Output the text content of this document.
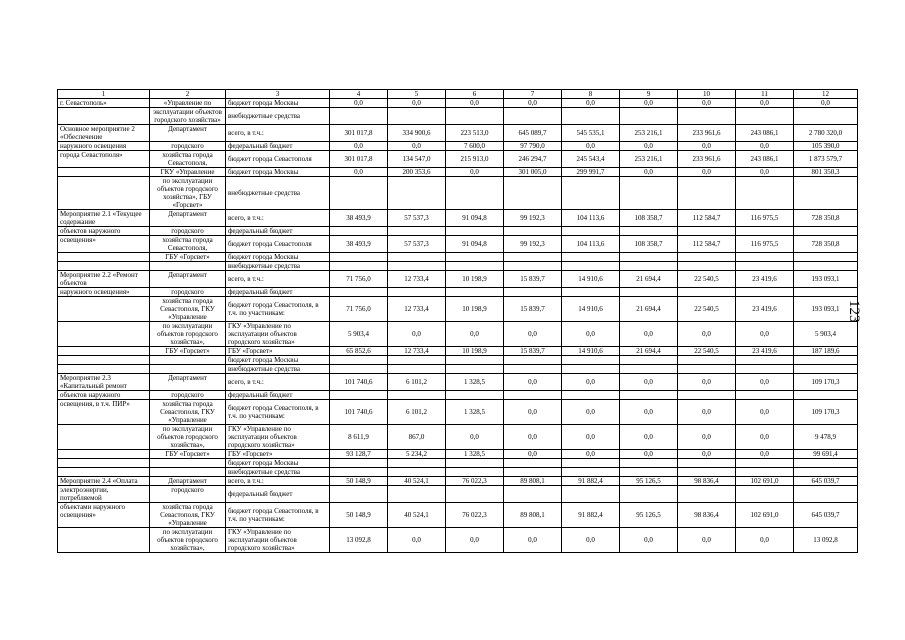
1	2	3	4	5	6	7	8	9	10	11	12
г. Севастополь»	«Управление по	бюджет города Москвы	0,0	0,0	0,0	0,0	0,0	0,0	0,0	0,0	0,0
	эксплуатации объектов городского хозяйства»	внебюджетные средства									
Основное мероприятие 2 «Обеспечение	Департамент	всего, в т.ч.:	301 017,8	334 900,6	223 513,0	645 089,7	545 535,1	253 216,1	233 961,6	243 086,1	2 780 320,0
наружного освещения	городского	федеральный бюджет	0,0	0,0	7 600,0	97 790,0	0,0	0,0	0,0	0,0	105 390,0
города Севастополя»	хозяйства города Севастополя,	бюджет города Севастополя	301 017,8	134 547,0	215 913,0	246 294,7	245 543,4	253 216,1	233 961,6	243 086,1	1 873 579,7
	ГКУ «Управление	бюджет города Москвы	0,0	200 353,6	0,0	301 005,0	299 991,7	0,0	0,0	0,0	801 350,3
	по эксплуатации объектов городского хозяйства», ГБУ «Горсвет»	внебюджетные средства									
Мероприятие 2.1 «Текущее содержание	Департамент	всего, в т.ч.:	38 493,9	57 537,3	91 094,8	99 192,3	104 113,6	108 358,7	112 584,7	116 975,5	728 350,8
объектов наружного	городского	федеральный бюджет									
освещения»	хозяйства города Севастополя,	бюджет города Севастополя	38 493,9	57 537,3	91 094,8	99 192,3	104 113,6	108 358,7	112 584,7	116 975,5	728 350,8
	ГБУ «Горсвет»	бюджет города Москвы									
		внебюджетные средства									
Мероприятие 2.2 «Ремонт объектов	Департамент	всего, в т.ч.:	71 756,0	12 733,4	10 198,9	15 839,7	14 910,6	21 694,4	22 540,5	23 419,6	193 093,1
наружного освещения»	городского	федеральный бюджет									
	хозяйства города Севастополя, ГКУ «Управление	бюджет города Севастополя, в т.ч. по участникам:	71 756,0	12 733,4	10 198,9	15 839,7	14 910,6	21 694,4	22 540,5	23 419,6	193 093,1
	по эксплуатации объектов городского хозяйства»,	ГКУ «Управление по эксплуатации объектов городского хозяйства»	5 903,4	0,0	0,0	0,0	0,0	0,0	0,0	0,0	5 903,4
	ГБУ «Горсвет»	ГБУ «Горсвет»	65 852,6	12 733,4	10 198,9	15 839,7	14 910,6	21 694,4	22 540,5	23 419,6	187 189,6
		бюджет города Москвы									
		внебюджетные средства									
Мероприятие 2.3 «Капитальный ремонт	Департамент	всего, в т.ч.:	101 740,6	6 101,2	1 328,5	0,0	0,0	0,0	0,0	0,0	109 170,3
объектов наружного	городского	федеральный бюджет									
освещения, в т.ч. ПИР»	хозяйства города Севастополя, ГКУ «Управление	бюджет города Севастополя, в т.ч. по участникам:	101 740,6	6 101,2	1 328,5	0,0	0,0	0,0	0,0	0,0	109 170,3
	по эксплуатации объектов городского хозяйства»,	ГКУ «Управление по эксплуатации объектов городского хозяйства»	8 611,9	867,0	0,0	0,0	0,0	0,0	0,0	0,0	9 478,9
	ГБУ «Горсвет»	ГБУ «Горсвет»	93 128,7	5 234,2	1 328,5	0,0	0,0	0,0	0,0	0,0	99 691,4
		бюджет города Москвы									
		внебюджетные средства									
Мероприятие 2.4 «Оплата	Департамент	всего, в т.ч.:	50 148,9	40 524,1	76 022,3	89 808,1	91 882,4	95 126,5	98 836,4	102 691,0	645 039,7
электроэнергии, потребляемой	городского	федеральный бюджет									
объектами наружного освещения»	хозяйства города Севастополя, ГКУ «Управление	бюджет города Севастополя, в т.ч. по участникам:	50 148,9	40 524,1	76 022,3	89 808,1	91 882,4	95 126,5	98 836,4	102 691,0	645 039,7
	по эксплуатации объектов городского хозяйства»,	ГКУ «Управление по эксплуатации объектов городского хозяйства»	13 092,8	0,0	0,0	0,0	0,0	0,0	0,0	0,0	13 092,8
123
